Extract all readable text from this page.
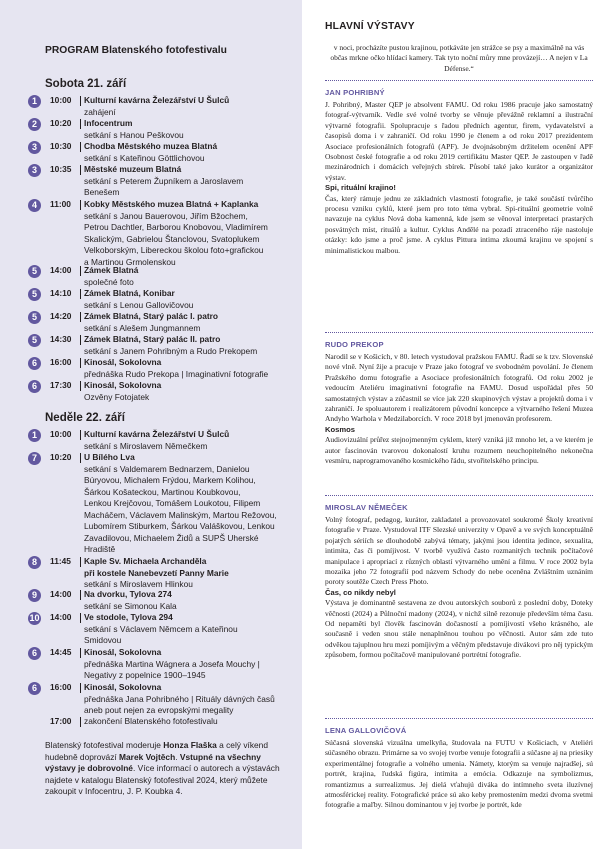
PROGRAM Blatenského fotofestivalu
Sobota 21. září
1	10:00	Kulturní kavárna Železářství U Šulců
zahájení
2	10:20	Infocentrum
setkání s Hanou Peškovou
3	10:30	Chodba Městského muzea Blatná
setkání s Kateřinou Göttlichovou
3	10:35	Městské muzeum Blatná
setkání s Peterem Župníkem a Jaroslavem
Benešem
4	11:00	Kobky Městského muzea Blatná + Kaplanka
setkání s Janou Bauerovou, Jiřím Bžochem,
Petrou Dachtler, Barborou Knobovou, Vladimírem
Skalickým, Gabrielou Štanclovou, Svatoplukem
Velkoborským, Libereckou školou foto+grafickou
a Martinou Grmolenskou
5	14:00	Zámek Blatná
společné foto
5	14:10	Zámek Blatná, Konibar
setkání s Lenou Gallovičovou
5	14:20	Zámek Blatná, Starý palác I. patro
setkání s Alešem Jungmannem
5	14:30	Zámek Blatná, Starý palác II. patro
setkání s Janem Pohribným a Rudo Prekopem
6	16:00	Kinosál, Sokolovna
přednáška Rudo Prekopa | Imaginativní fotografie
6	17:30	Kinosál, Sokolovna
Ozvěny Fotojatek
Neděle 22. září
1	10:00	Kulturní kavárna Železářství U Šulců
setkání s Miroslavem Němečkem
7	10:20	U Bílého Lva
setkání s Valdemarem Bednarzem, Danielou
Búryovou, Michalem Frýdou, Markem Kolihou,
Šárkou Košateckou, Martinou Koubkovou,
Lenkou Krejčovou, Tomášem Loukotou, Filipem
Macháčem, Václavem Malinským, Martou Režovou,
Lubomírem Stiburkem, Šárkou Valáškovou, Lenkou
Zavadilovou, Michaelem Židů a SUPŠ Uherské
Hradiště
8	11:45	Kaple Sv. Michaela Archanděla
při kostele Nanebevzetí Panny Marie
setkání s Miroslavem Hlinkou
9	14:00	Na dvorku, Tylova 274
setkání se Simonou Kala
10 14:00	Ve stodole, Tylova 294
setkání s Václavem Němcem a Kateřinou
Smidovou
6	14:45	Kinosál, Sokolovna
přednáška Martina Wágnera a Josefa Mouchy |
Negativy z popelnice 1900–1945
6	16:00	Kinosál, Sokolovna
přednáška Jana Pohribného | Rituály dávných časů
aneb pout nejen za evropskými megality
17:00	zakončení Blatenského fotofestivalu
Blatenský fotofestival moderuje Honza Flaška a celý víkend hudebně doprovází Marek Vojtěch. Vstupné na všechny výstavy je dobrovolné. Více informací o autorech a výstavách najdete v katalogu Blatenský fotofestival 2024, který můžete zakoupit v Infocentru, J. P. Koubka 4.
HLAVNÍ VÝSTAVY
v noci, procházíte pustou krajinou, potkáváte jen strážce se psy a maximálně na vás občas mrkne očko hlídací kamery. Tak tyto noční můry mne provázejí… A nejen v La Défense.“
JAN POHRIBNÝ
J. Pohribný, Master QEP je absolvent FAMU. Od roku 1986 pracuje jako samostatný fotograf-výtvarník. Vedle své volné tvorby se věnuje převážně reklamní a ilustrační výtvarné fotografii. Spolupracuje s řadou předních agentur, firem, vydavatelství a časopisů doma i v zahraničí. Od roku 1990 je členem a od roku 2017 prezidentem Asociace profesionálních fotografů (APF). Je dvojnásobným držitelem ocenění APF Osobnost české fotografie a od roku 2019 certifikátu Master QEP. Je zastoupen v řadě mezinárodních i domácích veřejných sbírek. Působí také jako kurátor a organizátor výstav.
Spi, rituální krajino!
Čas, který rámuje jednu ze základních vlastností fotografie, je také součástí tvůrčího procesu vzniku cyklů, které jsem pro toto téma vybral. Spi-rituální geometrie volně navazuje na cyklus Nová doba kamenná, kde jsem se věnoval interpretaci prastarých posvátných míst, rituálů a kultur. Cyklus Andělé na pozadí ztraceného ráje nastoluje otázky: kdo jsme a proč jsme. A cyklus Pittura intima zkoumá krajinu ve spojení s minimalistickou malbou.
RUDO PREKOP
Narodil se v Košicích, v 80. letech vystudoval pražskou FAMU. Řadí se k tzv. Slovenské nové vlně. Nyní žije a pracuje v Praze jako fotograf ve svobodném povolání. Je členem Pražského domu fotografie a Asociace profesionálních fotografů. Od roku 2002 je vedoucím Ateliéru imaginativní fotografie na FAMU. Dosud uspořádal přes 50 samostatných výstav a zúčastnil se více jak 220 skupinových výstav a projektů doma i v zahraničí. Je spoluautorem i realizátorem původní koncepce a výtvarného řešení Muzea Andyho Warhola v Medzilaborcích. V roce 2018 byl jmenován profesorem.
Kosmos
Audiovizuální průřez stejnojmenným cyklem, který vzniká již mnoho let, a ve kterém je autor fascinován tvarovou dokonalostí kruhu rozumem neuchopitelného nekonečna vesmíru, naprogramovaného kosmického řádu, stvořitelského principu.
MIROSLAV NĚMEČEK
Volný fotograf, pedagog, kurátor, zakladatel a provozovatel soukromé Školy kreativní fotografie v Praze. Vystudoval ITF Slezské univerzity v Opavě a ve svých konceptuálně pojatých sériích se dlouhodobě zabývá tématy, jakými jsou identita jedince, sexualita, intimita, čas či pomíjivost. V tvorbě využívá často rozmanitých technik počítačové manipulace i apropriací z různých oblastí výtvarného umění a filmu. V roce 2002 byla mozaika jeho 72 fotografií pod názvem Schody do nebe oceněna Zvláštním uznáním poroty soutěže Czech Press Photo.
Čas, co nikdy nebyl
Výstava je dominantně sestavena ze dvou autorských souborů z poslední doby, Doteky věčnosti (2024) a Půlnoční madony (2024), v nichž silně rezonuje především téma času. Od nepaměti byl člověk fascinován dočasností a pomíjivostí všeho krásného, ale současně i veden snou stále nenaplněnou touhou po věčnosti. Autor sám zde tuto odvěkou tajuplnou hru mezi pomíjivým a věčným představuje divákovi pro něj typickým způsobem, formou počítačově manipulované portrétní fotografie.
LENA GALLOVIČOVÁ
Súčasná slovenská vizuálna umelkyňa, študovala na FUTU v Košiciach, v Ateliéri súčasného obrazu. Primárne sa vo svojej tvorbe venuje fotografii a súčasne aj na priesiky experimentálnej fotografie a volného umenia. Námety, ktorým sa venuje najradšej, sú portrét, krajina, ľudská figúra, intimita a emócia. Odkazuje na symbolizmus, romantizmus a surrealizmus. Jej dielá vťahujú diváka do intímneho sveta iluzívnej atmosférickej reality. Fotografické práce sú ako keby premostením medzi dvoma svetmi fotografie a maľby. Silnou dominantou v jej tvorbe je portrét, kde
